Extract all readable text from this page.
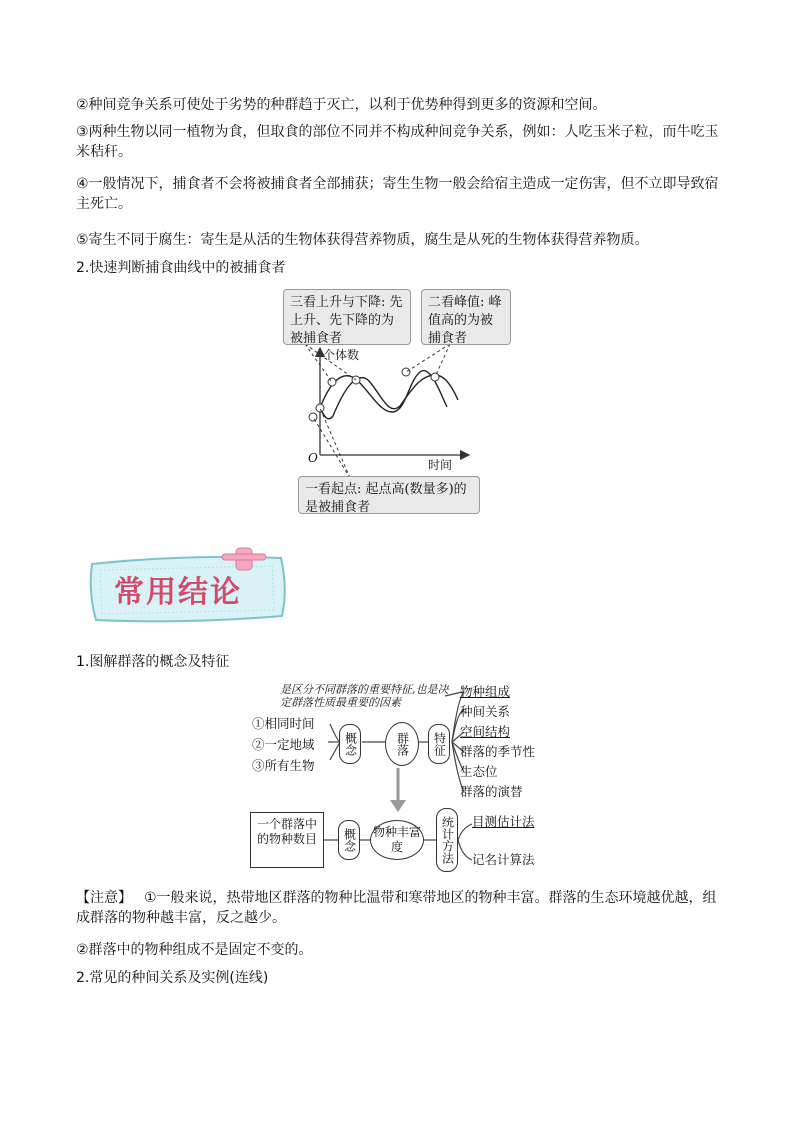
②种间竞争关系可使处于劣势的种群趋于灭亡，以利于优势种得到更多的资源和空间。

③两种生物以同一植物为食，但取食的部位不同并不构成种间竞争关系，例如：人吃玉米子粒，而牛吃玉米秸秆。

④一般情况下，捕食者不会将被捕食者全部捕获；寄生生物一般会给宿主造成一定伤害，但不立即导致宿主死亡。

⑤寄生不同于腐生：寄生是从活的生物体获得营养物质，腐生是从死的生物体获得营养物质。

2.快速判断捕食曲线中的被捕食者

三看上升与下降: 先上升、先下降的为被捕食者
二看峰值: 峰值高的为被捕食者
个体数
O	时间
一看起点: 起点高(数量多)的是被捕食者
常用结论

1.图解群落的概念及特征

是区分不同群落的重要特征,也是决定群落性质最重要的因素
①相同时间
②一定地域
③所有生物
概念	群落	特征
物种组成
种间关系
空间结构
群落的季节性
生态位
群落的演替
一个群落中的物种数目	概念 物种丰富度	统计方法 目测估计法
记名计算法

【注意】 ①一般来说，热带地区群落的物种比温带和寒带地区的物种丰富。群落的生态环境越优越，组成群落的物种越丰富，反之越少。

②群落中的物种组成不是固定不变的。

2.常见的种间关系及实例(连线)
